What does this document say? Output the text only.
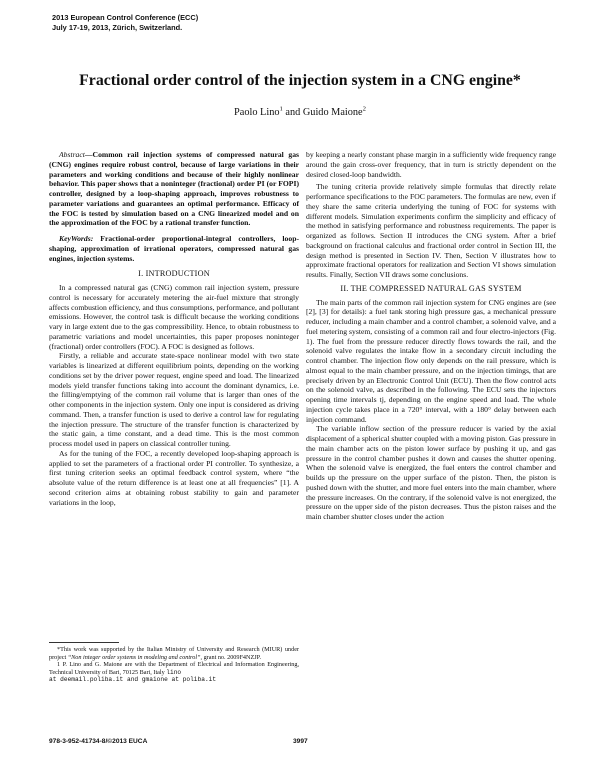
2013 European Control Conference (ECC)
July 17-19, 2013, Zürich, Switzerland.
Fractional order control of the injection system in a CNG engine*
Paolo Lino$^1$ and Guido Maione$^2$

Abstract—Common rail injection systems of compressed natural gas (CNG) engines require robust control, because of large variations in their parameters and working conditions and because of their highly nonlinear behavior. This paper shows that a noninteger (fractional) order PI (or FOPI) controller, designed by a loop-shaping approach, improves robustness to parameter variations and guarantees an optimal performance. Efficacy of the FOC is tested by simulation based on a CNG linearized model and on the approximation of the FOC by a rational transfer function.

KeyWords: Fractional-order proportional-integral controllers, loop-shaping, approximation of irrational operators, compressed natural gas engines, injection systems.

I. INTRODUCTION

In a compressed natural gas (CNG) common rail injection system, pressure control is necessary for accurately metering the air-fuel mixture that strongly affects combustion efficiency, and thus consumptions, performance, and pollutant emissions. However, the control task is difficult because the working conditions vary in large extent due to the gas compressibility. Hence, to obtain robustness to parametric variations and model uncertainties, this paper proposes noninteger (fractional) order controllers (FOC). A FOC is designed as follows.

Firstly, a reliable and accurate state-space nonlinear model with two state variables is linearized at different equilibrium points, depending on the working conditions set by the driver power request, engine speed and load. The linearized models yield transfer functions taking into account the dominant dynamics, i.e. the filling/emptying of the common rail volume that is larger than ones of the other components in the injection system. Only one input is considered as driving command. Then, a transfer function is used to derive a control law for regulating the injection pressure. The structure of the transfer function is characterized by the static gain, a time constant, and a dead time. This is the most common process model used in papers on classical controller tuning.

As for the tuning of the FOC, a recently developed loop-shaping approach is applied to set the parameters of a fractional order PI controller. To synthesize, a first tuning criterion seeks an optimal feedback control system, where “the absolute value of the return difference is at least one at all frequencies” [1]. A second criterion aims at obtaining robust stability to gain and parameter variations in the loop,

*This work was supported by the Italian Ministry of University and Research (MIUR) under project “Non integer order systems in modeling and control”, grant no. 2009F4NZJP.

1 P. Lino and G. Maione are with the Department of Electrical and Information Engineering, Technical University of Bari, 70125 Bari, Italy lino
at deemail.poliba.it and gmaione at poliba.it

by keeping a nearly constant phase margin in a sufficiently wide frequency range around the gain cross-over frequency, that in turn is strictly dependent on the desired closed-loop bandwidth.

The tuning criteria provide relatively simple formulas that directly relate performance specifications to the FOC parameters. The formulas are new, even if they share the same criteria underlying the tuning of FOC for systems with different models. Simulation experiments confirm the simplicity and efficacy of the method in satisfying performance and robustness requirements. The paper is organized as follows. Section II introduces the CNG system. After a brief background on fractional calculus and fractional order control in Section III, the design method is presented in Section IV. Then, Section V illustrates how to approximate fractional operators for realization and Section VI shows simulation results. Finally, Section VII draws some conclusions.

II. THE COMPRESSED NATURAL GAS SYSTEM

The main parts of the common rail injection system for CNG engines are (see [2], [3] for details): a fuel tank storing high pressure gas, a mechanical pressure reducer, including a main chamber and a control chamber, a solenoid valve, and a fuel metering system, consisting of a common rail and four electro-injectors (Fig. 1). The fuel from the pressure reducer directly flows towards the rail, and the solenoid valve regulates the intake flow in a secondary circuit including the control chamber. The injection flow only depends on the rail pressure, which is almost equal to the main chamber pressure, and on the injection timings, that are precisely driven by an Electronic Control Unit (ECU). Then the flow control acts on the solenoid valve, as described in the following. The ECU sets the injectors opening time intervals tj, depending on the engine speed and load. The whole injection cycle takes place in a 720° interval, with a 180° delay between each injection command.

The variable inflow section of the pressure reducer is varied by the axial displacement of a spherical shutter coupled with a moving piston. Gas pressure in the main chamber acts on the piston lower surface by pushing it up, and gas pressure in the control chamber pushes it down and causes the shutter opening. When the solenoid valve is energized, the fuel enters the control chamber and builds up the pressure on the upper surface of the piston. Then, the piston is pushed down with the shutter, and more fuel enters into the main chamber, where the pressure increases. On the contrary, if the solenoid valve is not energized, the pressure on the upper side of the piston decreases. Thus the piston raises and the main chamber shutter closes under the action

978-3-952-41734-8/©2013 EUCA	3997
